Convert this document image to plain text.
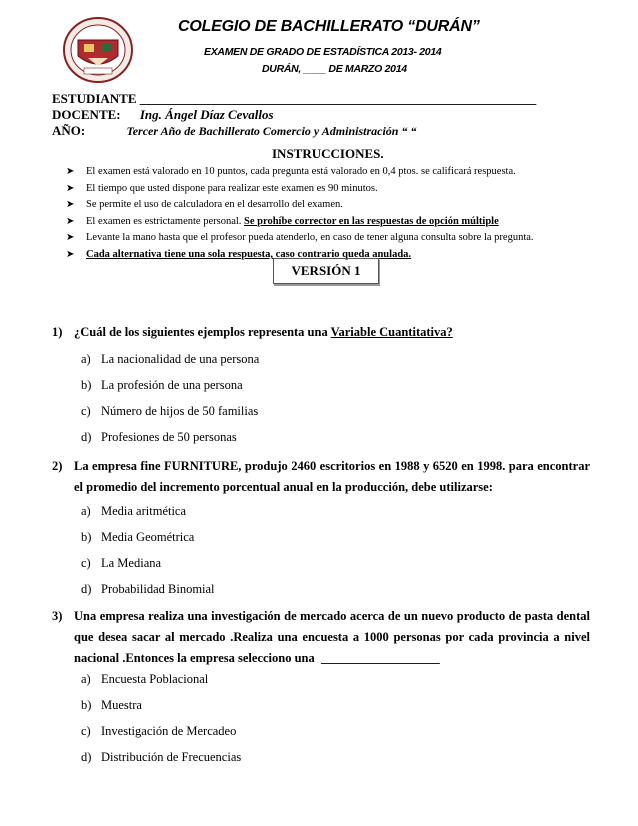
COLEGIO DE BACHILLERATO “DURÁN”
EXAMEN DE GRADO DE ESTADÍSTICA 2013- 2014
DURÁN, ____ DE MARZO 2014
ESTUDIANTE _____________________________________________________________
DOCENTE: Ing. Ángel Díaz Cevallos
AÑO:	Tercer Año de Bachillerato Comercio y Administración “ “
INSTRUCCIONES.
➤ El examen está valorado en 10 puntos, cada pregunta está valorado en 0,4 ptos. se calificará respuesta.
➤ El tiempo que usted dispone para realizar este examen es 90 minutos.
➤ Se permite el uso de calculadora en el desarrollo del examen.
➤ El examen es estrictamente personal. Se prohíbe corrector en las respuestas de opción múltiple
➤ Levante la mano hasta que el profesor pueda atenderlo, en caso de tener alguna consulta sobre la pregunta.
➤ Cada alternativa tiene una sola respuesta, caso contrario queda anulada.
VERSIÓN 1
1) ¿Cuál de los siguientes ejemplos representa una Variable Cuantitativa?
a) La nacionalidad de una persona
b) La profesión de una persona
c) Número de hijos de 50 familias
d) Profesiones de 50 personas
2) La empresa fine FURNITURE, produjo 2460 escritorios en 1988 y 6520 en 1998. para encontrar el promedio del incremento porcentual anual en la producción, debe utilizarse:
a) Media aritmética
b) Media Geométrica
c) La Mediana
d) Probabilidad Binomial
3) Una empresa realiza una investigación de mercado acerca de un nuevo producto de pasta dental que desea sacar al mercado .Realiza una encuesta a 1000 personas por cada provincia a nivel nacional .Entonces la empresa selecciono una ___________________
a) Encuesta Poblacional
b) Muestra
c) Investigación de Mercadeo
d) Distribución de Frecuencias
